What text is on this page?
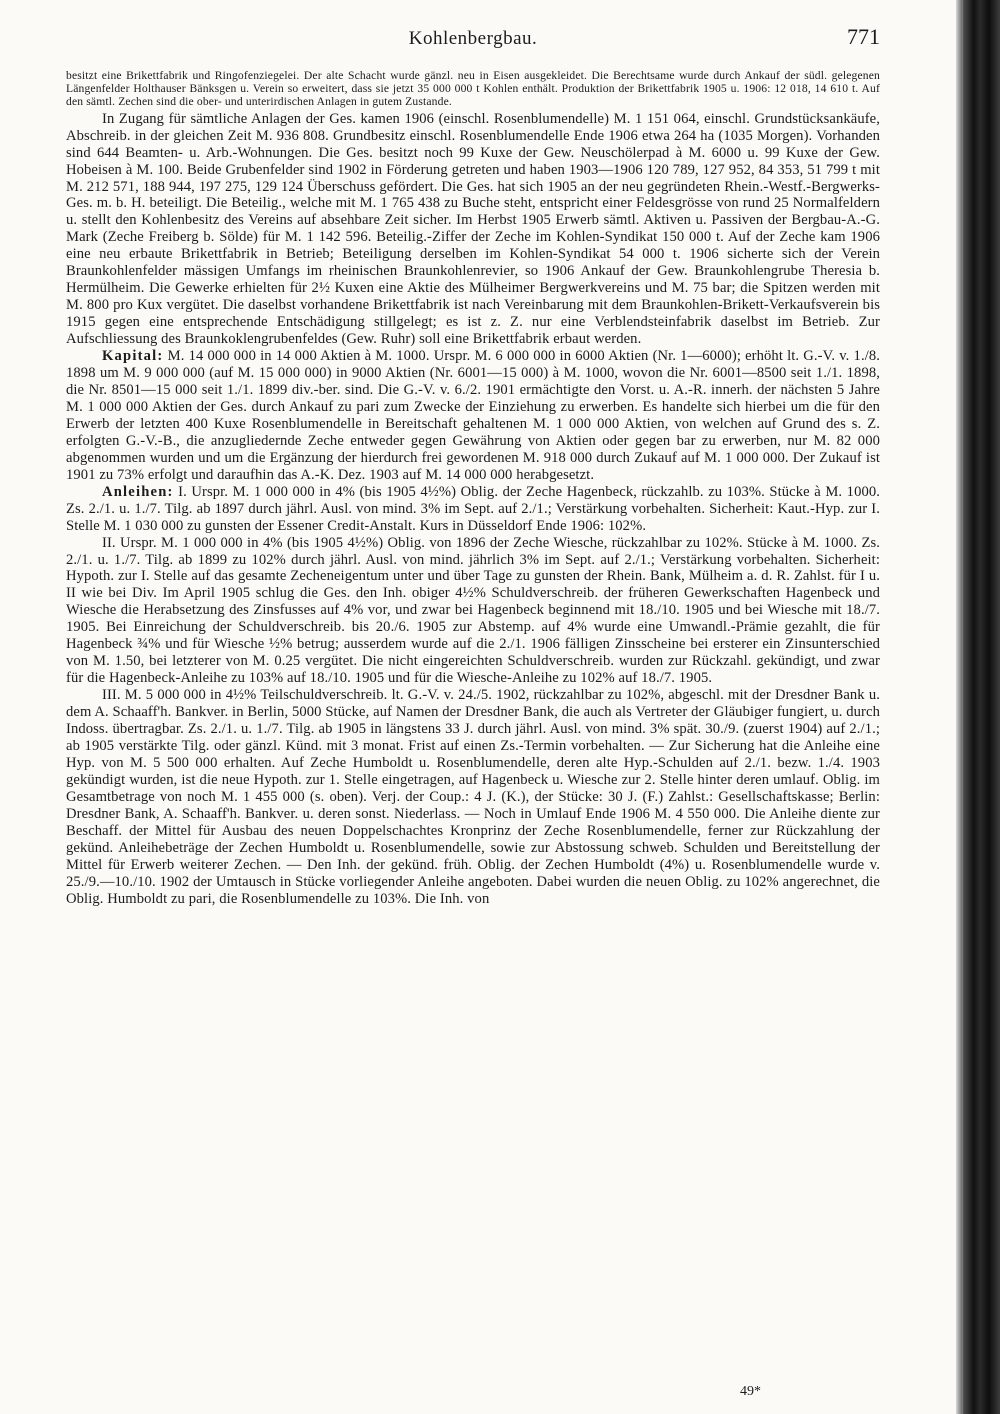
Kohlenbergbau.	771

besitzt eine Brikettfabrik und Ringofenziegelei. Der alte Schacht wurde gänzl. neu in Eisen ausgekleidet. Die Berechtsame wurde durch Ankauf der südl. gelegenen Längenfelder Holthauser Bänksgen u. Verein so erweitert, dass sie jetzt 35 000 000 t Kohlen enthält. Produktion der Brikettfabrik 1905 u. 1906: 12 018, 14 610 t. Auf den sämtl. Zechen sind die ober- und unterirdischen Anlagen in gutem Zustande.

In Zugang für sämtliche Anlagen der Ges. kamen 1906 (einschl. Rosenblumendelle) M. 1 151 064, einschl. Grundstücksankäufe, Abschreib. in der gleichen Zeit M. 936 808. Grundbesitz einschl. Rosenblumendelle Ende 1906 etwa 264 ha (1035 Morgen). Vorhanden sind 644 Beamten- u. Arb.-Wohnungen. Die Ges. besitzt noch 99 Kuxe der Gew. Neuschölerpad à M. 6000 u. 99 Kuxe der Gew. Hobeisen à M. 100. Beide Grubenfelder sind 1902 in Förderung getreten und haben 1903—1906 120 789, 127 952, 84 353, 51 799 t mit M. 212 571, 188 944, 197 275, 129 124 Überschuss gefördert. Die Ges. hat sich 1905 an der neu gegründeten Rhein.-Westf.-Bergwerks-Ges. m. b. H. beteiligt. Die Beteilig., welche mit M. 1 765 438 zu Buche steht, entspricht einer Feldesgrösse von rund 25 Normalfeldern u. stellt den Kohlenbesitz des Vereins auf absehbare Zeit sicher. Im Herbst 1905 Erwerb sämtl. Aktiven u. Passiven der Bergbau-A.-G. Mark (Zeche Freiberg b. Sölde) für M. 1 142 596. Beteilig.-Ziffer der Zeche im Kohlen-Syndikat 150 000 t. Auf der Zeche kam 1906 eine neu erbaute Brikettfabrik in Betrieb; Beteiligung derselben im Kohlen-Syndikat 54 000 t. 1906 sicherte sich der Verein Braunkohlenfelder mässigen Umfangs im rheinischen Braunkohlenrevier, so 1906 Ankauf der Gew. Braunkohlengrube Theresia b. Hermülheim. Die Gewerke erhielten für 2½ Kuxen eine Aktie des Mülheimer Bergwerkvereins und M. 75 bar; die Spitzen werden mit M. 800 pro Kux vergütet. Die daselbst vorhandene Brikettfabrik ist nach Vereinbarung mit dem Braunkohlen-Brikett-Verkaufsverein bis 1915 gegen eine entsprechende Entschädigung stillgelegt; es ist z. Z. nur eine Verblendsteinfabrik daselbst im Betrieb. Zur Aufschliessung des Braunkoklengrubenfeldes (Gew. Ruhr) soll eine Brikettfabrik erbaut werden.

Kapital: M. 14 000 000 in 14 000 Aktien à M. 1000. Urspr. M. 6 000 000 in 6000 Aktien (Nr. 1—6000); erhöht lt. G.-V. v. 1./8. 1898 um M. 9 000 000 (auf M. 15 000 000) in 9000 Aktien (Nr. 6001—15 000) à M. 1000, wovon die Nr. 6001—8500 seit 1./1. 1898, die Nr. 8501—15 000 seit 1./1. 1899 div.-ber. sind. Die G.-V. v. 6./2. 1901 ermächtigte den Vorst. u. A.-R. innerh. der nächsten 5 Jahre M. 1 000 000 Aktien der Ges. durch Ankauf zu pari zum Zwecke der Einziehung zu erwerben. Es handelte sich hierbei um die für den Erwerb der letzten 400 Kuxe Rosenblumendelle in Bereitschaft gehaltenen M. 1 000 000 Aktien, von welchen auf Grund des s. Z. erfolgten G.-V.-B., die anzugliedernde Zeche entweder gegen Gewährung von Aktien oder gegen bar zu erwerben, nur M. 82 000 abgenommen wurden und um die Ergänzung der hierdurch frei gewordenen M. 918 000 durch Zukauf auf M. 1 000 000. Der Zukauf ist 1901 zu 73% erfolgt und daraufhin das A.-K. Dez. 1903 auf M. 14 000 000 herabgesetzt.

Anleihen: I. Urspr. M. 1 000 000 in 4% (bis 1905 4½%) Oblig. der Zeche Hagenbeck, rückzahlb. zu 103%. Stücke à M. 1000. Zs. 2./1. u. 1./7. Tilg. ab 1897 durch jährl. Ausl. von mind. 3% im Sept. auf 2./1.; Verstärkung vorbehalten. Sicherheit: Kaut.-Hyp. zur I. Stelle M. 1 030 000 zu gunsten der Essener Credit-Anstalt. Kurs in Düsseldorf Ende 1906: 102%.

II. Urspr. M. 1 000 000 in 4% (bis 1905 4½%) Oblig. von 1896 der Zeche Wiesche, rückzahlbar zu 102%. Stücke à M. 1000. Zs. 2./1. u. 1./7. Tilg. ab 1899 zu 102% durch jährl. Ausl. von mind. jährlich 3% im Sept. auf 2./1.; Verstärkung vorbehalten. Sicherheit: Hypoth. zur I. Stelle auf das gesamte Zecheneigentum unter und über Tage zu gunsten der Rhein. Bank, Mülheim a. d. R. Zahlst. für I u. II wie bei Div. Im April 1905 schlug die Ges. den Inh. obiger 4½% Schuldverschreib. der früheren Gewerkschaften Hagenbeck und Wiesche die Herabsetzung des Zinsfusses auf 4% vor, und zwar bei Hagenbeck beginnend mit 18./10. 1905 und bei Wiesche mit 18./7. 1905. Bei Einreichung der Schuldverschreib. bis 20./6. 1905 zur Abstemp. auf 4% wurde eine Umwandl.-Prämie gezahlt, die für Hagenbeck ¾% und für Wiesche ½% betrug; ausserdem wurde auf die 2./1. 1906 fälligen Zinsscheine bei ersterer ein Zinsunterschied von M. 1.50, bei letzterer von M. 0.25 vergütet. Die nicht eingereichten Schuldverschreib. wurden zur Rückzahl. gekündigt, und zwar für die Hagenbeck-Anleihe zu 103% auf 18./10. 1905 und für die Wiesche-Anleihe zu 102% auf 18./7. 1905.

III. M. 5 000 000 in 4½% Teilschuldverschreib. lt. G.-V. v. 24./5. 1902, rückzahlbar zu 102%, abgeschl. mit der Dresdner Bank u. dem A. Schaaff'h. Bankver. in Berlin, 5000 Stücke, auf Namen der Dresdner Bank, die auch als Vertreter der Gläubiger fungiert, u. durch Indoss. übertragbar. Zs. 2./1. u. 1./7. Tilg. ab 1905 in längstens 33 J. durch jährl. Ausl. von mind. 3% spät. 30./9. (zuerst 1904) auf 2./1.; ab 1905 verstärkte Tilg. oder gänzl. Künd. mit 3 monat. Frist auf einen Zs.-Termin vorbehalten. — Zur Sicherung hat die Anleihe eine Hyp. von M. 5 500 000 erhalten. Auf Zeche Humboldt u. Rosenblumendelle, deren alte Hyp.-Schulden auf 2./1. bezw. 1./4. 1903 gekündigt wurden, ist die neue Hypoth. zur 1. Stelle eingetragen, auf Hagenbeck u. Wiesche zur 2. Stelle hinter deren umlauf. Oblig. im Gesamtbetrage von noch M. 1 455 000 (s. oben). Verj. der Coup.: 4 J. (K.), der Stücke: 30 J. (F.) Zahlst.: Gesellschaftskasse; Berlin: Dresdner Bank, A. Schaaff'h. Bankver. u. deren sonst. Niederlass. — Noch in Umlauf Ende 1906 M. 4 550 000. Die Anleihe diente zur Beschaff. der Mittel für Ausbau des neuen Doppelschachtes Kronprinz der Zeche Rosenblumendelle, ferner zur Rückzahlung der gekünd. Anleihebeträge der Zechen Humboldt u. Rosenblumendelle, sowie zur Abstossung schweb. Schulden und Bereitstellung der Mittel für Erwerb weiterer Zechen. — Den Inh. der gekünd. früh. Oblig. der Zechen Humboldt (4%) u. Rosenblumendelle wurde v. 25./9.—10./10. 1902 der Umtausch in Stücke vorliegender Anleihe angeboten. Dabei wurden die neuen Oblig. zu 102% angerechnet, die Oblig. Humboldt zu pari, die Rosenblumendelle zu 103%. Die Inh. von

49*
